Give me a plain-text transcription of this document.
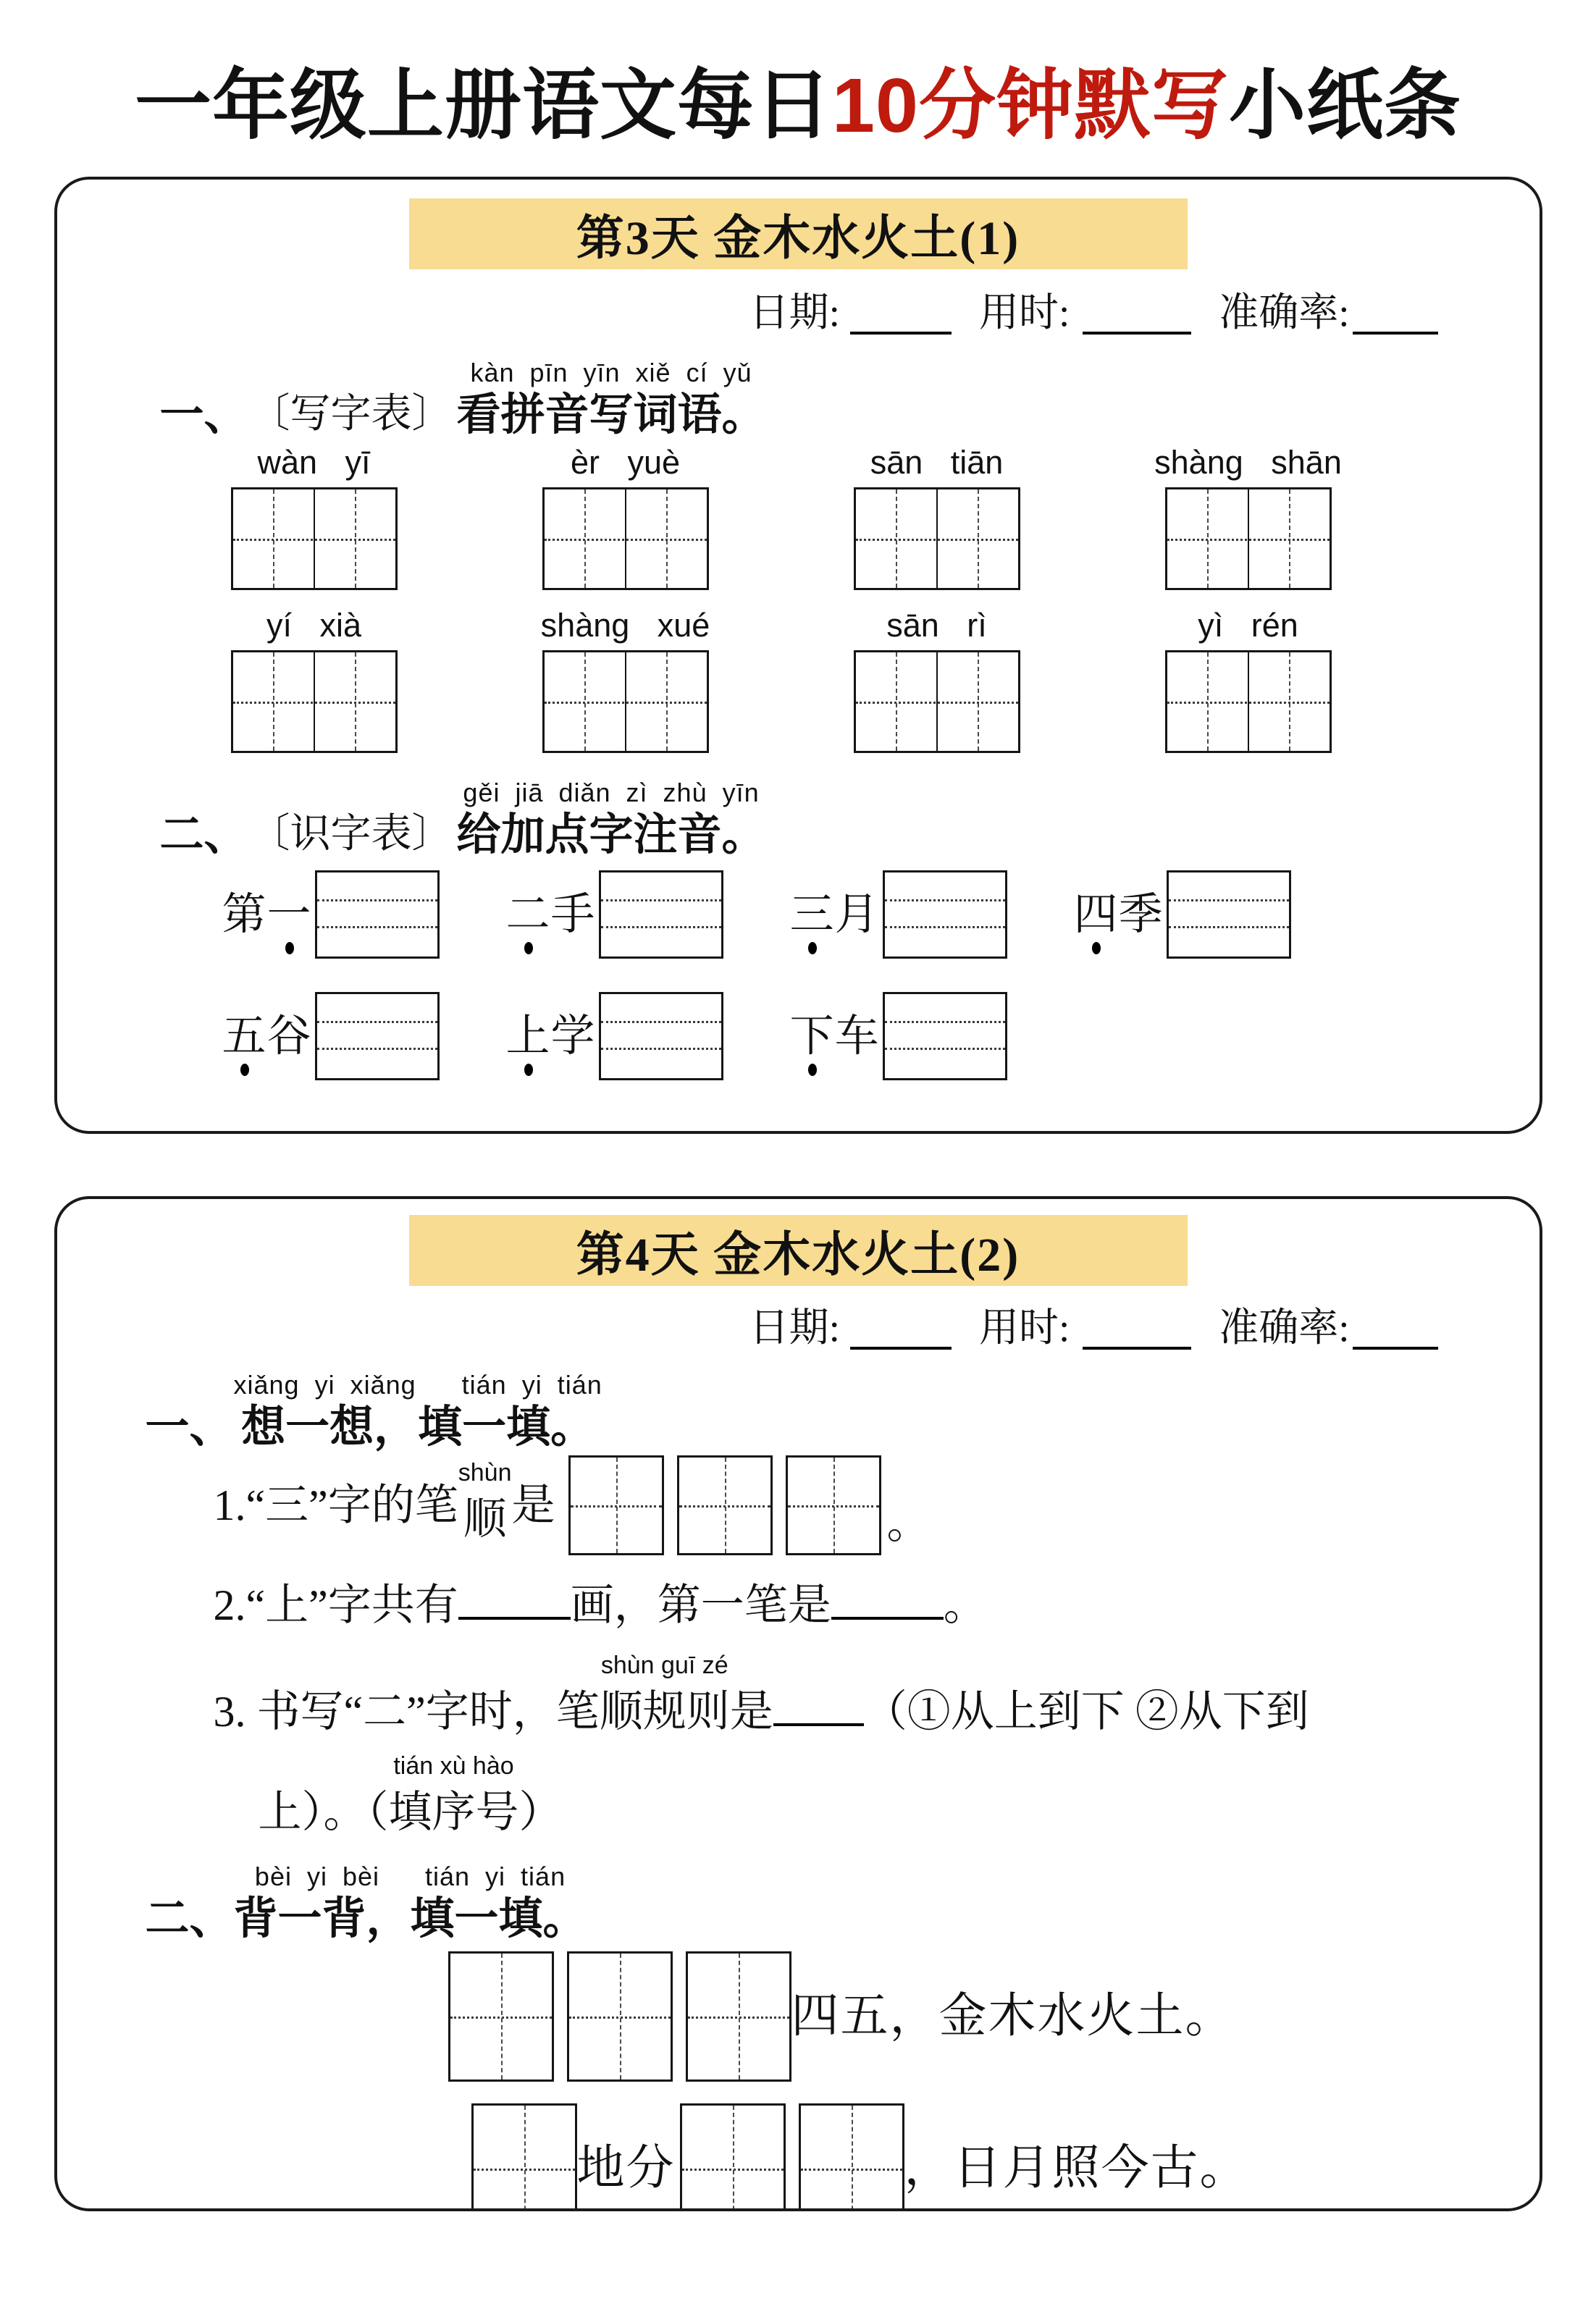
一年级上册语文每日10分钟默写小纸条
第3天 金木水火土(1)
日期:	用时:	准确率:
一、 〔写字表〕
kàn pīn yīn xiě cí yǔ
看拼音写词语。
wàn yī	èr yuè	sān tiān	shàng shān
yí xià	shàng xué	sān rì	yì rén
二、 〔识字表〕
gěi jiā diǎn zì zhù yīn
给加点字注音。
第一	二手	三月	四季
五谷	上学	下车
第4天 金木水火土(2)
日期:	用时:	准确率:
一、
xiǎng yi xiǎng   tián yi tián
想一想，填一填。
1.“三”字的笔
shùn
顺 是	。
2.“上”字共有	画，第一笔是	。
3. 书写“二”字时，笔
shùn guī zé
顺规则 是 （①从上到下 ②从下到
上）。（
tián xù hào
填序号 ）
二、
bèi yi bèi   tián yi tián
背一背，填一填。
四五，金木水火土。
地分	，日月照今古。
